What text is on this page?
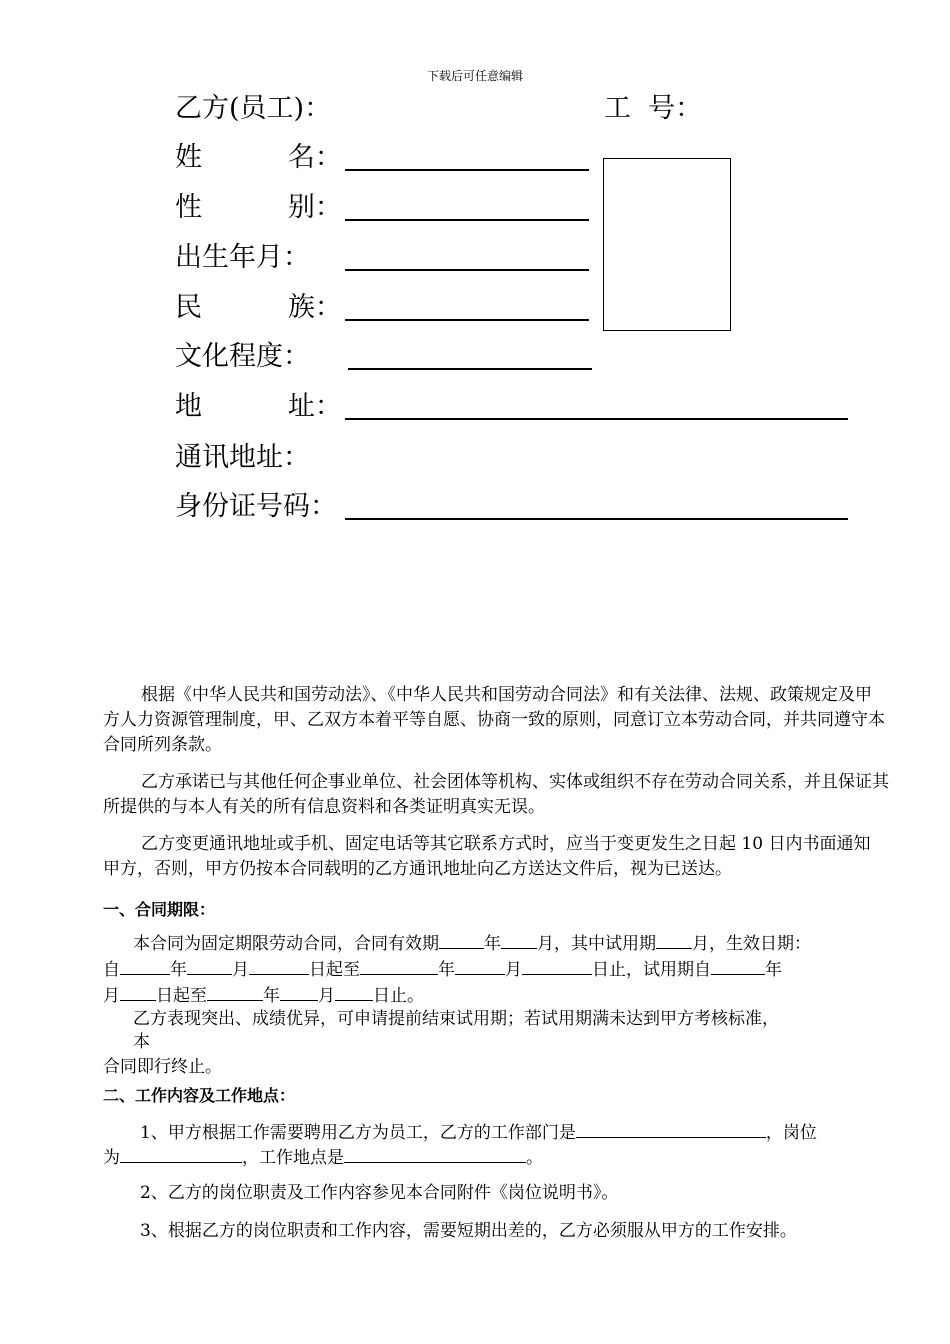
下载后可任意编辑
乙方(员工)：	工  号：
姓          名：
性          别：
出生年月：
民          族：
文化程度：
地          址：
通讯地址：
身份证号码：
根据《中华人民共和国劳动法》、《中华人民共和国劳动合同法》和有关法律、法规、政策规定及甲方人力资源管理制度，甲、乙双方本着平等自愿、协商一致的原则，同意订立本劳动合同，并共同遵守本合同所列条款。
乙方承诺已与其他任何企事业单位、社会团体等机构、实体或组织不存在劳动合同关系，并且保证其所提供的与本人有关的所有信息资料和各类证明真实无误。
乙方变更通讯地址或手机、固定电话等其它联系方式时，应当于变更发生之日起 10 日内书面通知甲方，否则，甲方仍按本合同载明的乙方通讯地址向乙方送达文件后，视为已送达。
一、合同期限：
本合同为固定期限劳动合同，合同有效期	年 月，其中试用期 月，生效日期：
自	年	月	日起至	年	月	日止，试用期自	年
月 日起至	年 月 日止。
乙方表现突出、成绩优异，可申请提前结束试用期；若试用期满未达到甲方考核标准，
本
合同即行终止。
二、工作内容及工作地点：
1、甲方根据工作需要聘用乙方为员工，乙方的工作部门是	，岗位
为	，工作地点是	。
2、乙方的岗位职责及工作内容参见本合同附件《岗位说明书》。
3、根据乙方的岗位职责和工作内容，需要短期出差的，乙方必须服从甲方的工作安排。
